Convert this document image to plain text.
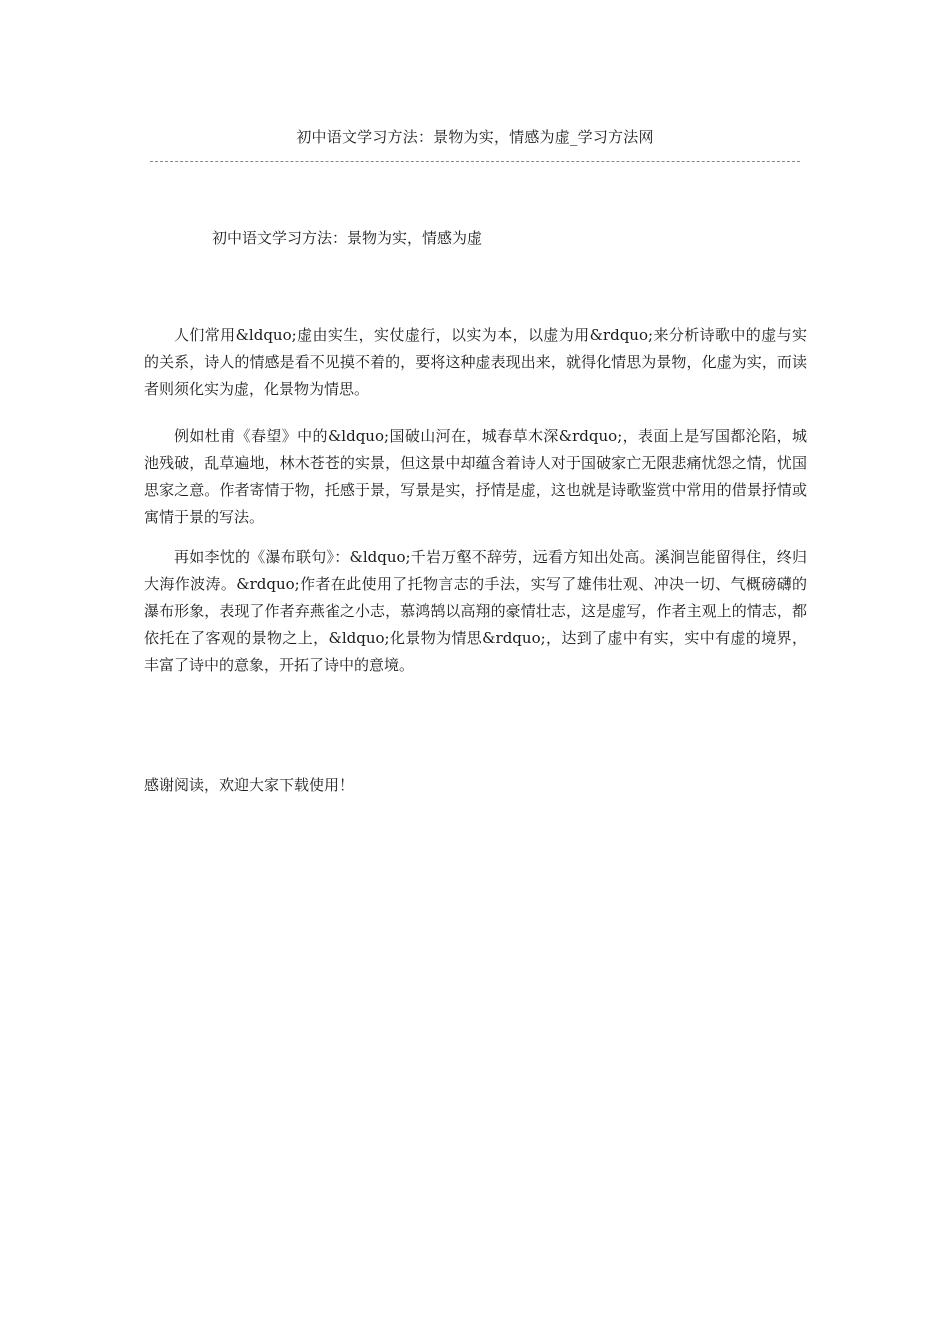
初中语文学习方法：景物为实，情感为虚_学习方法网
初中语文学习方法：景物为实，情感为虚

人们常用&ldquo;虚由实生，实仗虚行，以实为本，以虚为用&rdquo;来分析诗歌中的虚与实的关系，诗人的情感是看不见摸不着的，要将这种虚表现出来，就得化情思为景物，化虚为实，而读者则须化实为虚，化景物为情思。

例如杜甫《春望》中的&ldquo;国破山河在，城春草木深&rdquo;，表面上是写国都沦陷，城池残破，乱草遍地，林木苍苍的实景，但这景中却蕴含着诗人对于国破家亡无限悲痛忧怨之情，忧国思家之意。作者寄情于物，托感于景，写景是实，抒情是虚，这也就是诗歌鉴赏中常用的借景抒情或寓情于景的写法。

再如李忱的《瀑布联句》：&ldquo;千岩万壑不辞劳，远看方知出处高。溪涧岂能留得住，终归大海作波涛。&rdquo;作者在此使用了托物言志的手法，实写了雄伟壮观、冲决一切、气概磅礴的瀑布形象，表现了作者弃燕雀之小志，慕鸿鹄以高翔的豪情壮志，这是虚写，作者主观上的情志，都依托在了客观的景物之上，&ldquo;化景物为情思&rdquo;，达到了虚中有实，实中有虚的境界，丰富了诗中的意象，开拓了诗中的意境。

感谢阅读，欢迎大家下载使用！
